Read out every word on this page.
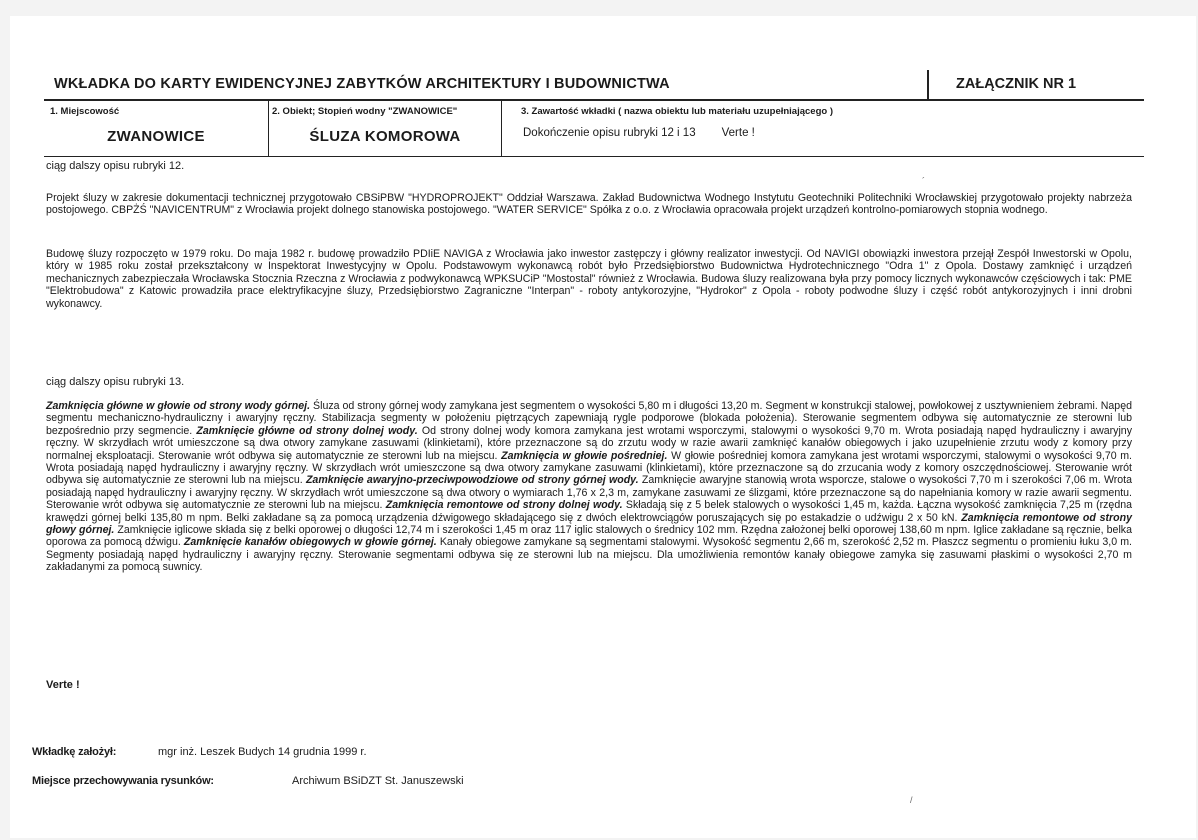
WKŁADKA DO KARTY EWIDENCYJNEJ ZABYTKÓW ARCHITEKTURY I BUDOWNICTWA	ZAŁĄCZNIK NR 1
1. Miejscowość
ZWANOWICE
2. Obiekt; Stopień wodny "ZWANOWICE"
ŚLUZA KOMOROWA
3. Zawartość wkładki ( nazwa obiektu lub materiału uzupełniającego )
Dokończenie opisu rubryki 12 i 13 Verte !
ciąg dalszy opisu rubryki 12.

Projekt śluzy w zakresie dokumentacji technicznej przygotowało CBSiPBW "HYDROPROJEKT" Oddział Warszawa. Zakład Budownictwa Wodnego Instytutu Geotechniki Politechniki Wrocławskiej przygotowało projekty nabrzeża postojowego. CBPŻŚ "NAVICENTRUM" z Wrocławia projekt dolnego stanowiska postojowego. "WATER SERVICE" Spółka z o.o. z Wrocławia opracowała projekt urządzeń kontrolno-pomiarowych stopnia wodnego.

Budowę śluzy rozpoczęto w 1979 roku. Do maja 1982 r. budowę prowadziło PDIiE NAVIGA z Wrocławia jako inwestor zastępczy i główny realizator inwestycji. Od NAVIGI obowiązki inwestora przejął Zespół Inwestorski w Opolu, który w 1985 roku został przekształcony w Inspektorat Inwestycyjny w Opolu. Podstawowym wykonawcą robót było Przedsiębiorstwo Budownictwa Hydrotechnicznego "Odra 1" z Opola. Dostawy zamknięć i urządzeń mechanicznych zabezpieczała Wrocławska Stocznia Rzeczna z Wrocławia z podwykonawcą WPKSUCiP "Mostostal" również z Wrocławia. Budowa śluzy realizowana była przy pomocy licznych wykonawców częściowych i tak: PME "Elektrobudowa" z Katowic prowadziła prace elektryfikacyjne śluzy, Przedsiębiorstwo Zagraniczne "Interpan" - roboty antykorozyjne, "Hydrokor" z Opola - roboty podwodne śluzy i część robót antykorozyjnych i inni drobni wykonawcy.

ciąg dalszy opisu rubryki 13.

Zamknięcia główne w głowie od strony wody górnej. Śluza od strony górnej wody zamykana jest segmentem o wysokości 5,80 m i długości 13,20 m. Segment w konstrukcji stalowej, powłokowej z usztywnieniem żebrami. Napęd segmentu mechaniczno-hydrauliczny i awaryjny ręczny. Stabilizacja segmenty w położeniu piętrzących zapewniają rygle podporowe (blokada położenia). Sterowanie segmentem odbywa się automatycznie ze sterowni lub bezpośrednio przy segmencie. Zamknięcie główne od strony dolnej wody. Od strony dolnej wody komora zamykana jest wrotami wsporczymi, stalowymi o wysokości 9,70 m. Wrota posiadają napęd hydrauliczny i awaryjny ręczny. W skrzydłach wrót umieszczone są dwa otwory zamykane zasuwami (klinkietami), które przeznaczone są do zrzutu wody w razie awarii zamknięć kanałów obiegowych i jako uzupełnienie zrzutu wody z komory przy normalnej eksploatacji. Sterowanie wrót odbywa się automatycznie ze sterowni lub na miejscu. Zamknięcia w głowie pośredniej. W głowie pośredniej komora zamykana jest wrotami wsporczymi, stalowymi o wysokości 9,70 m. Wrota posiadają napęd hydrauliczny i awaryjny ręczny. W skrzydłach wrót umieszczone są dwa otwory zamykane zasuwami (klinkietami), które przeznaczone są do zrzucania wody z komory oszczędnościowej. Sterowanie wrót odbywa się automatycznie ze sterowni lub na miejscu. Zamknięcie awaryjno-przeciwpowodziowe od strony górnej wody. Zamknięcie awaryjne stanowią wrota wsporcze, stalowe o wysokości 7,70 m i szerokości 7,06 m. Wrota posiadają napęd hydrauliczny i awaryjny ręczny. W skrzydłach wrót umieszczone są dwa otwory o wymiarach 1,76 x 2,3 m, zamykane zasuwami ze ślizgami, które przeznaczone są do napełniania komory w razie awarii segmentu. Sterowanie wrót odbywa się automatycznie ze sterowni lub na miejscu. Zamknięcia remontowe od strony dolnej wody. Składają się z 5 belek stalowych o wysokości 1,45 m, każda. Łączna wysokość zamknięcia 7,25 m (rzędna krawędzi górnej belki 135,80 m npm. Belki zakładane są za pomocą urządzenia dźwigowego składającego się z dwóch elektrowciągów poruszających się po estakadzie o udźwigu 2 x 50 kN. Zamknięcia remontowe od strony głowy górnej. Zamknięcie iglicowe składa się z belki oporowej o długości 12,74 m i szerokości 1,45 m oraz 117 iglic stalowych o średnicy 102 mm. Rzędna założonej belki oporowej 138,60 m npm. Iglice zakładane są ręcznie, belka oporowa za pomocą dźwigu. Zamknięcie kanałów obiegowych w głowie górnej. Kanały obiegowe zamykane są segmentami stalowymi. Wysokość segmentu 2,66 m, szerokość 2,52 m. Płaszcz segmentu o promieniu łuku 3,0 m. Segmenty posiadają napęd hydrauliczny i awaryjny ręczny. Sterowanie segmentami odbywa się ze sterowni lub na miejscu. Dla umożliwienia remontów kanały obiegowe zamyka się zasuwami płaskimi o wysokości 2,70 m zakładanymi za pomocą suwnicy.

Verte !
Wkładkę założył:	mgr inż. Leszek Budych 14 grudnia 1999 r.
Miejsce przechowywania rysunków:	Archiwum BSiDZT St. Januszewski
´
/
